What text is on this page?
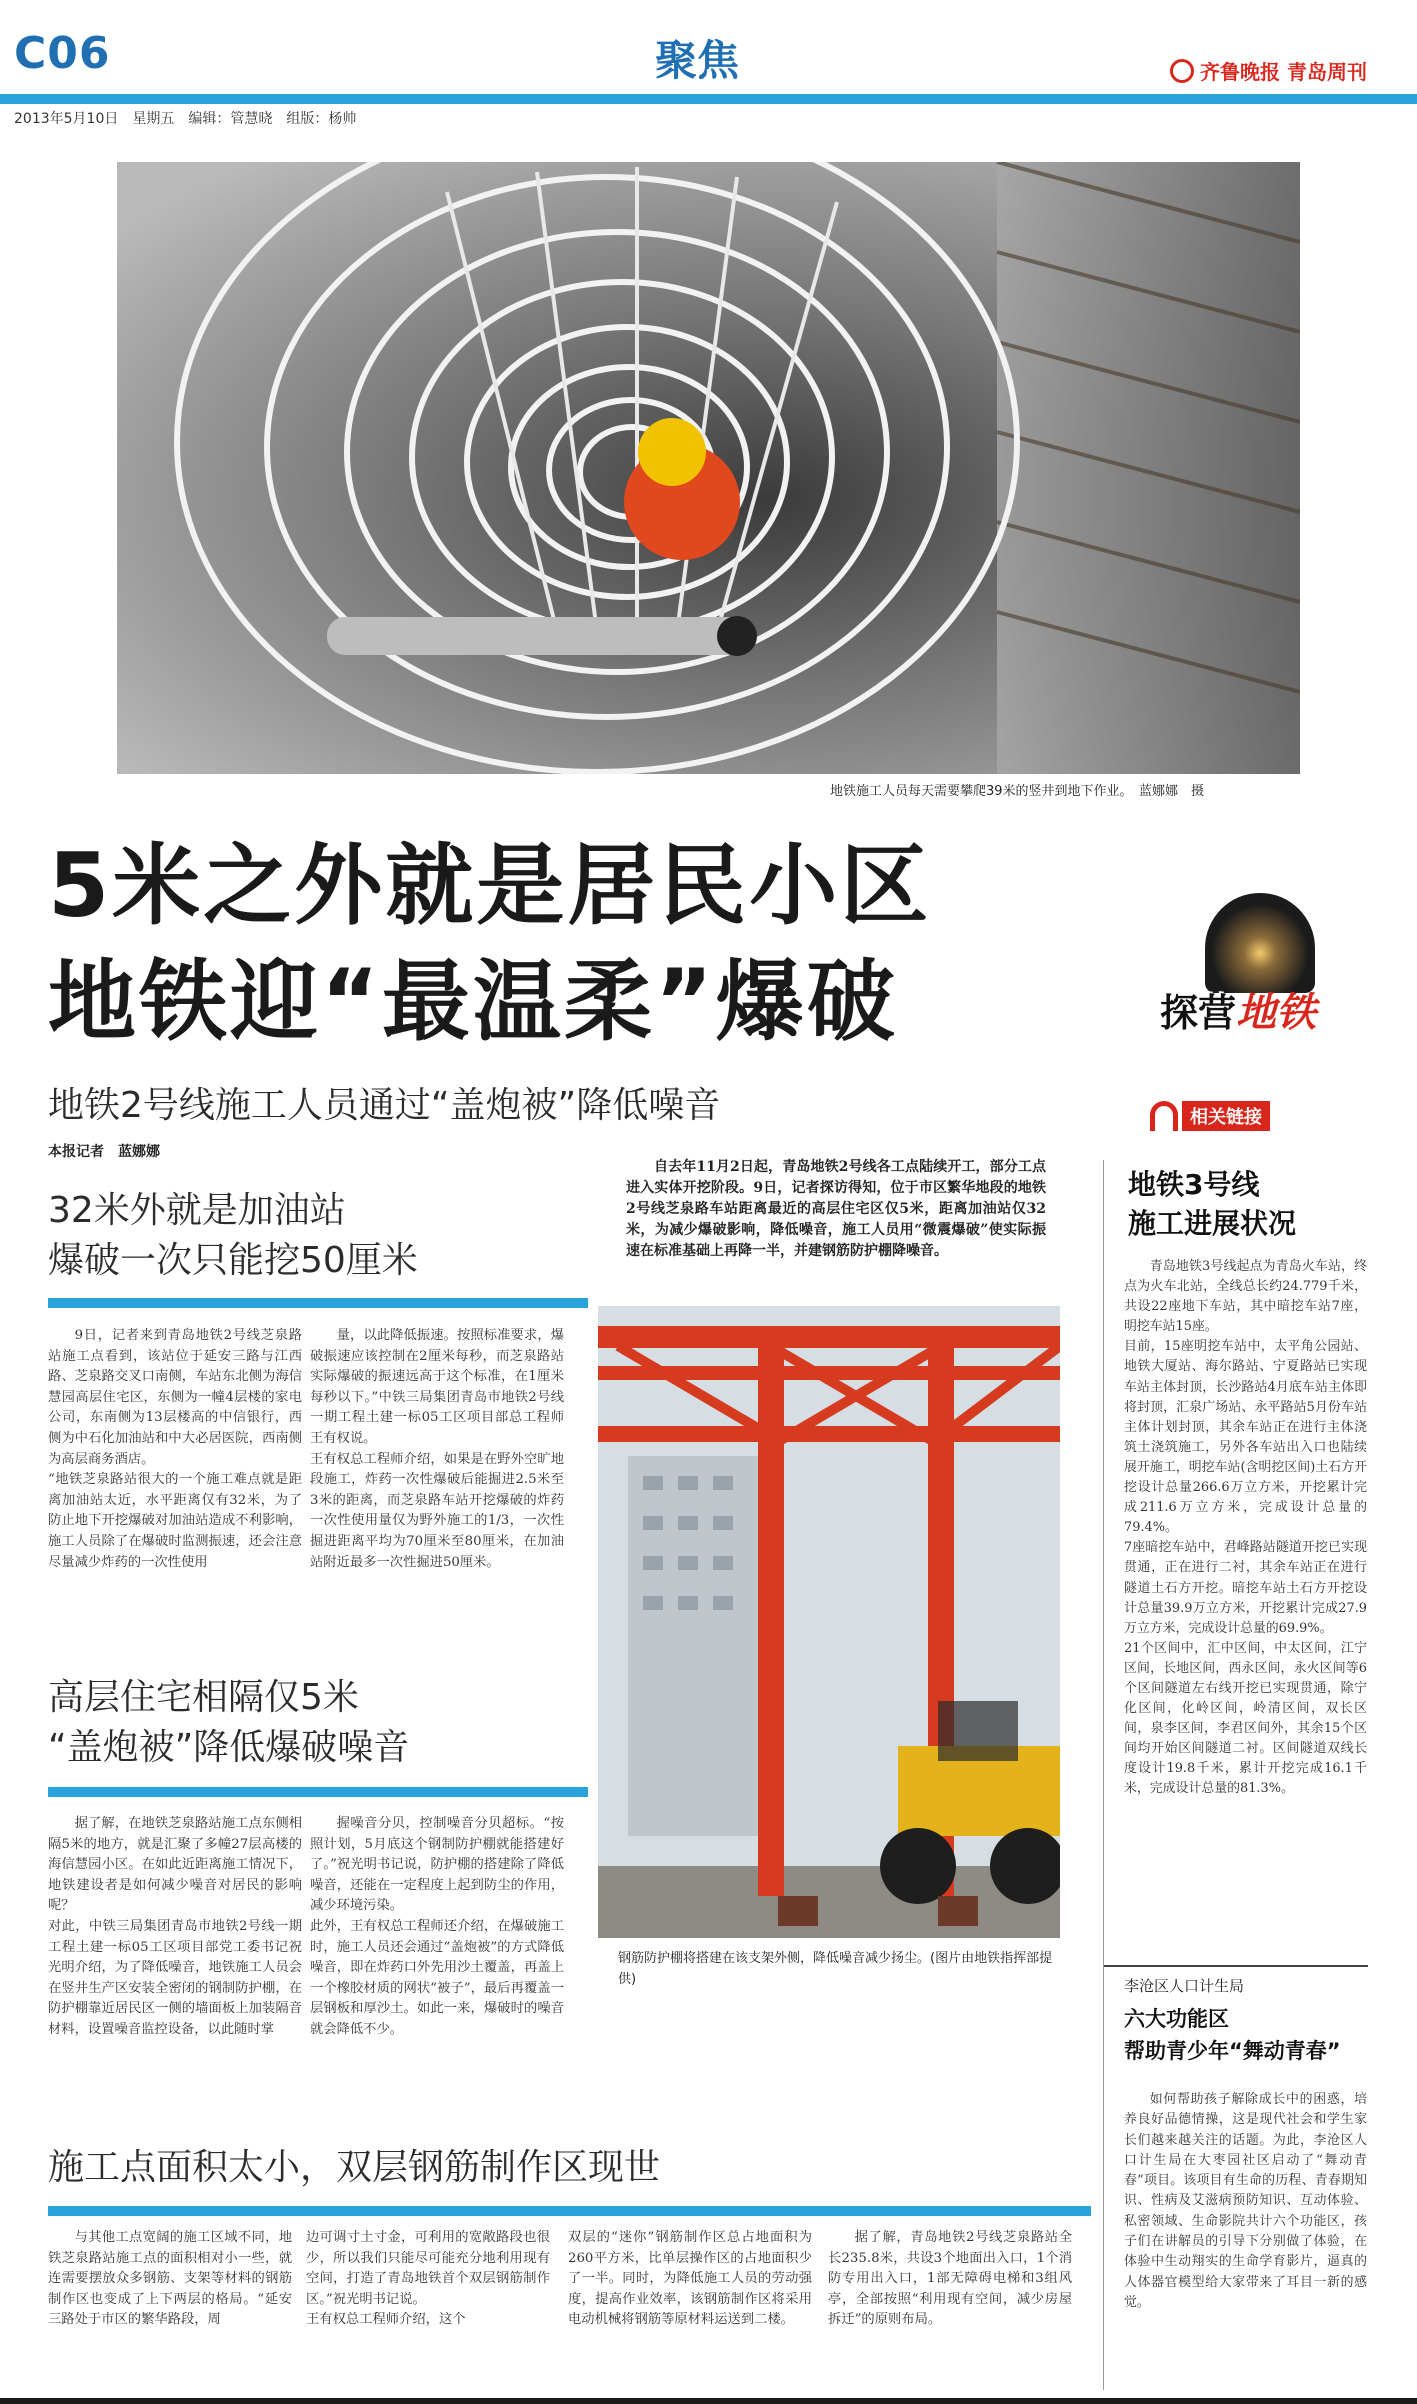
C06	聚焦	齐鲁晚报 青岛周刊
2013年5月10日　星期五　编辑：管慧晓　组版：杨帅
地铁施工人员每天需要攀爬39米的竖井到地下作业。　蓝娜娜　摄
5米之外就是居民小区
地铁迎“最温柔”爆破
地铁2号线施工人员通过“盖炮被”降低噪音
本报记者　蓝娜娜
探营 地铁
相关链接
自去年11月2日起，青岛地铁2号线各工点陆续开工，部分工点进入实体开挖阶段。9日，记者探访得知，位于市区繁华地段的地铁2号线芝泉路车站距离最近的高层住宅区仅5米，距离加油站仅32米，为减少爆破影响，降低噪音，施工人员用“微震爆破”使实际振速在标准基础上再降一半，并建钢筋防护棚降噪音。
32米外就是加油站
爆破一次只能挖50厘米
9日，记者来到青岛地铁2号线芝泉路站施工点看到，该站位于延安三路与江西路、芝泉路交叉口南侧，车站东北侧为海信慧园高层住宅区，东侧为一幢4层楼的家电公司，东南侧为13层楼高的中信银行，西侧为中石化加油站和中大必居医院，西南侧为高层商务酒店。
“地铁芝泉路站很大的一个施工难点就是距离加油站太近，水平距离仅有32米，为了防止地下开挖爆破对加油站造成不利影响，施工人员除了在爆破时监测振速，还会注意尽量减少炸药的一次性使用
量，以此降低振速。按照标准要求，爆破振速应该控制在2厘米每秒，而芝泉路站实际爆破的振速远高于这个标准，在1厘米每秒以下。”中铁三局集团青岛市地铁2号线一期工程土建一标05工区项目部总工程师王有权说。
王有权总工程师介绍，如果是在野外空旷地段施工，炸药一次性爆破后能掘进2.5米至3米的距离，而芝泉路车站开挖爆破的炸药一次性使用量仅为野外施工的1/3，一次性掘进距离平均为70厘米至80厘米，在加油站附近最多一次性掘进50厘米。
高层住宅相隔仅5米
“盖炮被”降低爆破噪音
据了解，在地铁芝泉路站施工点东侧相隔5米的地方，就是汇聚了多幢27层高楼的海信慧园小区。在如此近距离施工情况下，地铁建设者是如何减少噪音对居民的影响呢？
对此，中铁三局集团青岛市地铁2号线一期工程土建一标05工区项目部党工委书记祝光明介绍，为了降低噪音，地铁施工人员会在竖井生产区安装全密闭的钢制防护棚，在防护棚靠近居民区一侧的墙面板上加装隔音材料，设置噪音监控设备，以此随时掌
握噪音分贝，控制噪音分贝超标。“按照计划，5月底这个钢制防护棚就能搭建好了。”祝光明书记说，防护棚的搭建除了降低噪音，还能在一定程度上起到防尘的作用，减少环境污染。
此外，王有权总工程师还介绍，在爆破施工时，施工人员还会通过“盖炮被”的方式降低噪音，即在炸药口外先用沙土覆盖，再盖上一个橡胶材质的网状“被子”，最后再覆盖一层钢板和厚沙土。如此一来，爆破时的噪音就会降低不少。
钢筋防护棚将搭建在该支架外侧，降低噪音减少扬尘。(图片由地铁指挥部提供)
施工点面积太小，双层钢筋制作区现世
与其他工点宽阔的施工区域不同，地铁芝泉路站施工点的面积相对小一些，就连需要摆放众多钢筋、支架等材料的钢筋制作区也变成了上下两层的格局。“延安三路处于市区的繁华路段，周
边可调寸土寸金，可利用的宽敞路段也很少，所以我们只能尽可能充分地利用现有空间，打造了青岛地铁首个双层钢筋制作区。”祝光明书记说。
王有权总工程师介绍，这个
双层的“迷你”钢筋制作区总占地面积为260平方米，比单层操作区的占地面积少了一半。同时，为降低施工人员的劳动强度，提高作业效率，该钢筋制作区将采用电动机械将钢筋等原材料运送到二楼。
据了解，青岛地铁2号线芝泉路站全长235.8米，共设3个地面出入口，1个消防专用出入口，1部无障碍电梯和3组风亭，全部按照“利用现有空间，减少房屋拆迁”的原则布局。
地铁3号线
施工进展状况
青岛地铁3号线起点为青岛火车站，终点为火车北站，全线总长约24.779千米，共设22座地下车站，其中暗挖车站7座，明挖车站15座。
目前，15座明挖车站中，太平角公园站、地铁大厦站、海尔路站、宁夏路站已实现车站主体封顶，长沙路站4月底车站主体即将封顶，汇泉广场站、永平路站5月份车站主体计划封顶，其余车站正在进行主体浇筑土浇筑施工，另外各车站出入口也陆续展开施工，明挖车站(含明挖区间)土石方开挖设计总量266.6万立方米，开挖累计完成211.6万立方米，完成设计总量的79.4%。
7座暗挖车站中，君峰路站隧道开挖已实现贯通，正在进行二衬，其余车站正在进行隧道土石方开挖。暗挖车站土石方开挖设计总量39.9万立方米，开挖累计完成27.9万立方米，完成设计总量的69.9%。
21个区间中，汇中区间，中太区间，江宁区间，长地区间，西永区间，永火区间等6个区间隧道左右线开挖已实现贯通，除宁化区间，化岭区间，岭清区间，双长区间，泉李区间，李君区间外，其余15个区间均开始区间隧道二衬。区间隧道双线长度设计19.8千米，累计开挖完成16.1千米，完成设计总量的81.3%。
李沧区人口计生局
六大功能区
帮助青少年“舞动青春”
如何帮助孩子解除成长中的困惑，培养良好品德情操，这是现代社会和学生家长们越来越关注的话题。为此，李沧区人口计生局在大枣园社区启动了“舞动青春”项目。该项目有生命的历程、青春期知识、性病及艾滋病预防知识、互动体验、私密领域、生命影院共计六个功能区，孩子们在讲解员的引导下分别做了体验，在体验中生动翔实的生命学育影片，逼真的人体器官模型给大家带来了耳目一新的感觉。
